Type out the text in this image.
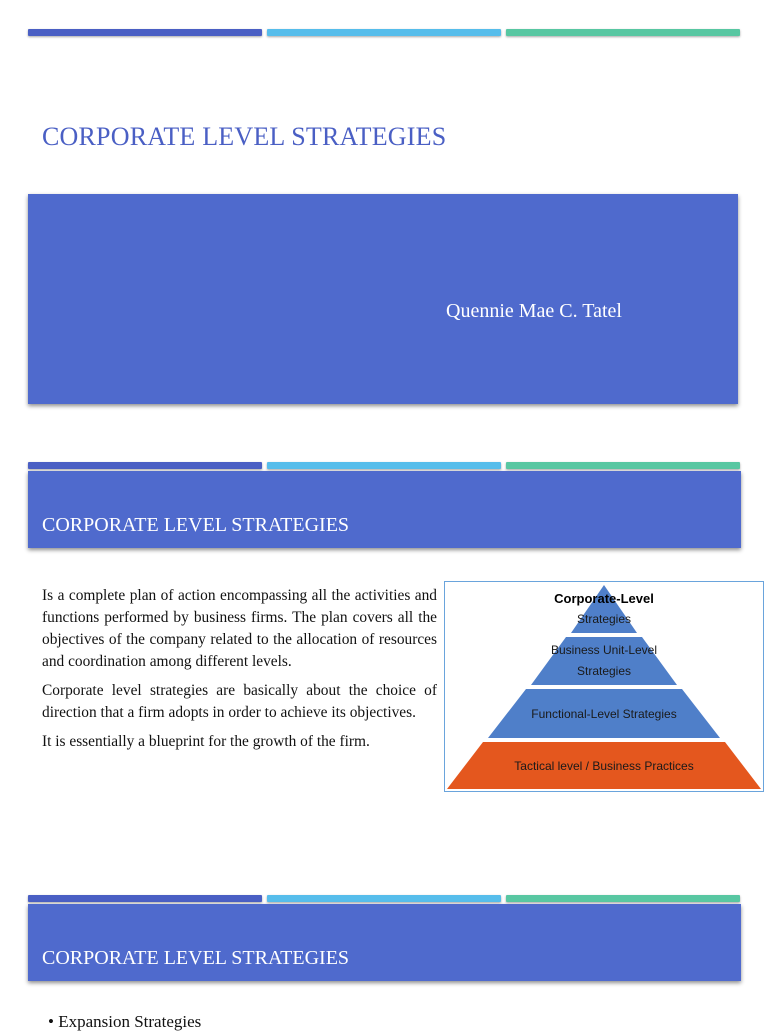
CORPORATE LEVEL STRATEGIES
Quennie Mae C. Tatel
CORPORATE LEVEL STRATEGIES

Is a complete plan of action encompassing all the activities and functions performed by business firms. The plan covers all the objectives of the company related to the allocation of resources and coordination among different levels.

Corporate level strategies are basically about the choice of direction that a firm adopts in order to achieve its objectives.

It is essentially a blueprint for the growth of the firm.

Corporate-Level
Strategies
Business Unit-Level
Strategies
Functional-Level Strategies
Tactical level / Business Practices
CORPORATE LEVEL STRATEGIES
• Expansion Strategies
